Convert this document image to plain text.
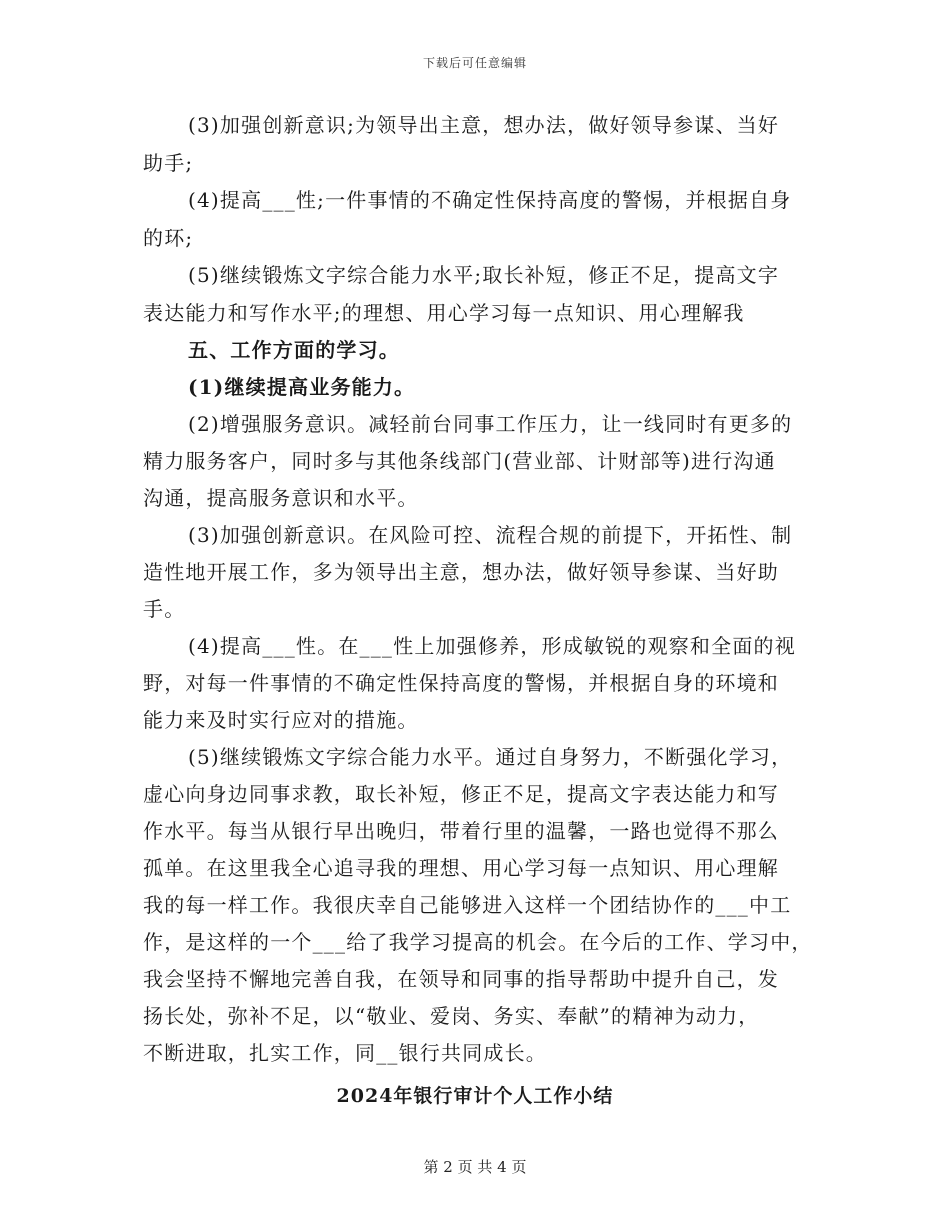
下载后可任意编辑
(3)加强创新意识;为领导出主意，想办法，做好领导参谋、当好
助手;
(4)提高___性;一件事情的不确定性保持高度的警惕，并根据自身
的环;
(5)继续锻炼文字综合能力水平;取长补短，修正不足，提高文字
表达能力和写作水平;的理想、用心学习每一点知识、用心理解我
五、工作方面的学习。
(1)继续提高业务能力。
(2)增强服务意识。减轻前台同事工作压力，让一线同时有更多的
精力服务客户，同时多与其他条线部门(营业部、计财部等)进行沟通
沟通，提高服务意识和水平。
(3)加强创新意识。在风险可控、流程合规的前提下，开拓性、制
造性地开展工作，多为领导出主意，想办法，做好领导参谋、当好助
手。
(4)提高___性。在___性上加强修养，形成敏锐的观察和全面的视
野，对每一件事情的不确定性保持高度的警惕，并根据自身的环境和
能力来及时实行应对的措施。
(5)继续锻炼文字综合能力水平。通过自身努力，不断强化学习，
虚心向身边同事求教，取长补短，修正不足，提高文字表达能力和写
作水平。每当从银行早出晚归，带着行里的温馨，一路也觉得不那么
孤单。在这里我全心追寻我的理想、用心学习每一点知识、用心理解
我的每一样工作。我很庆幸自己能够进入这样一个团结协作的___中工
作，是这样的一个___给了我学习提高的机会。在今后的工作、学习中，
我会坚持不懈地完善自我，在领导和同事的指导帮助中提升自己，发
扬长处，弥补不足，以“敬业、爱岗、务实、奉献”的精神为动力，
不断进取，扎实工作，同__银行共同成长。
2024年银行审计个人工作小结
第 2 页 共 4 页
